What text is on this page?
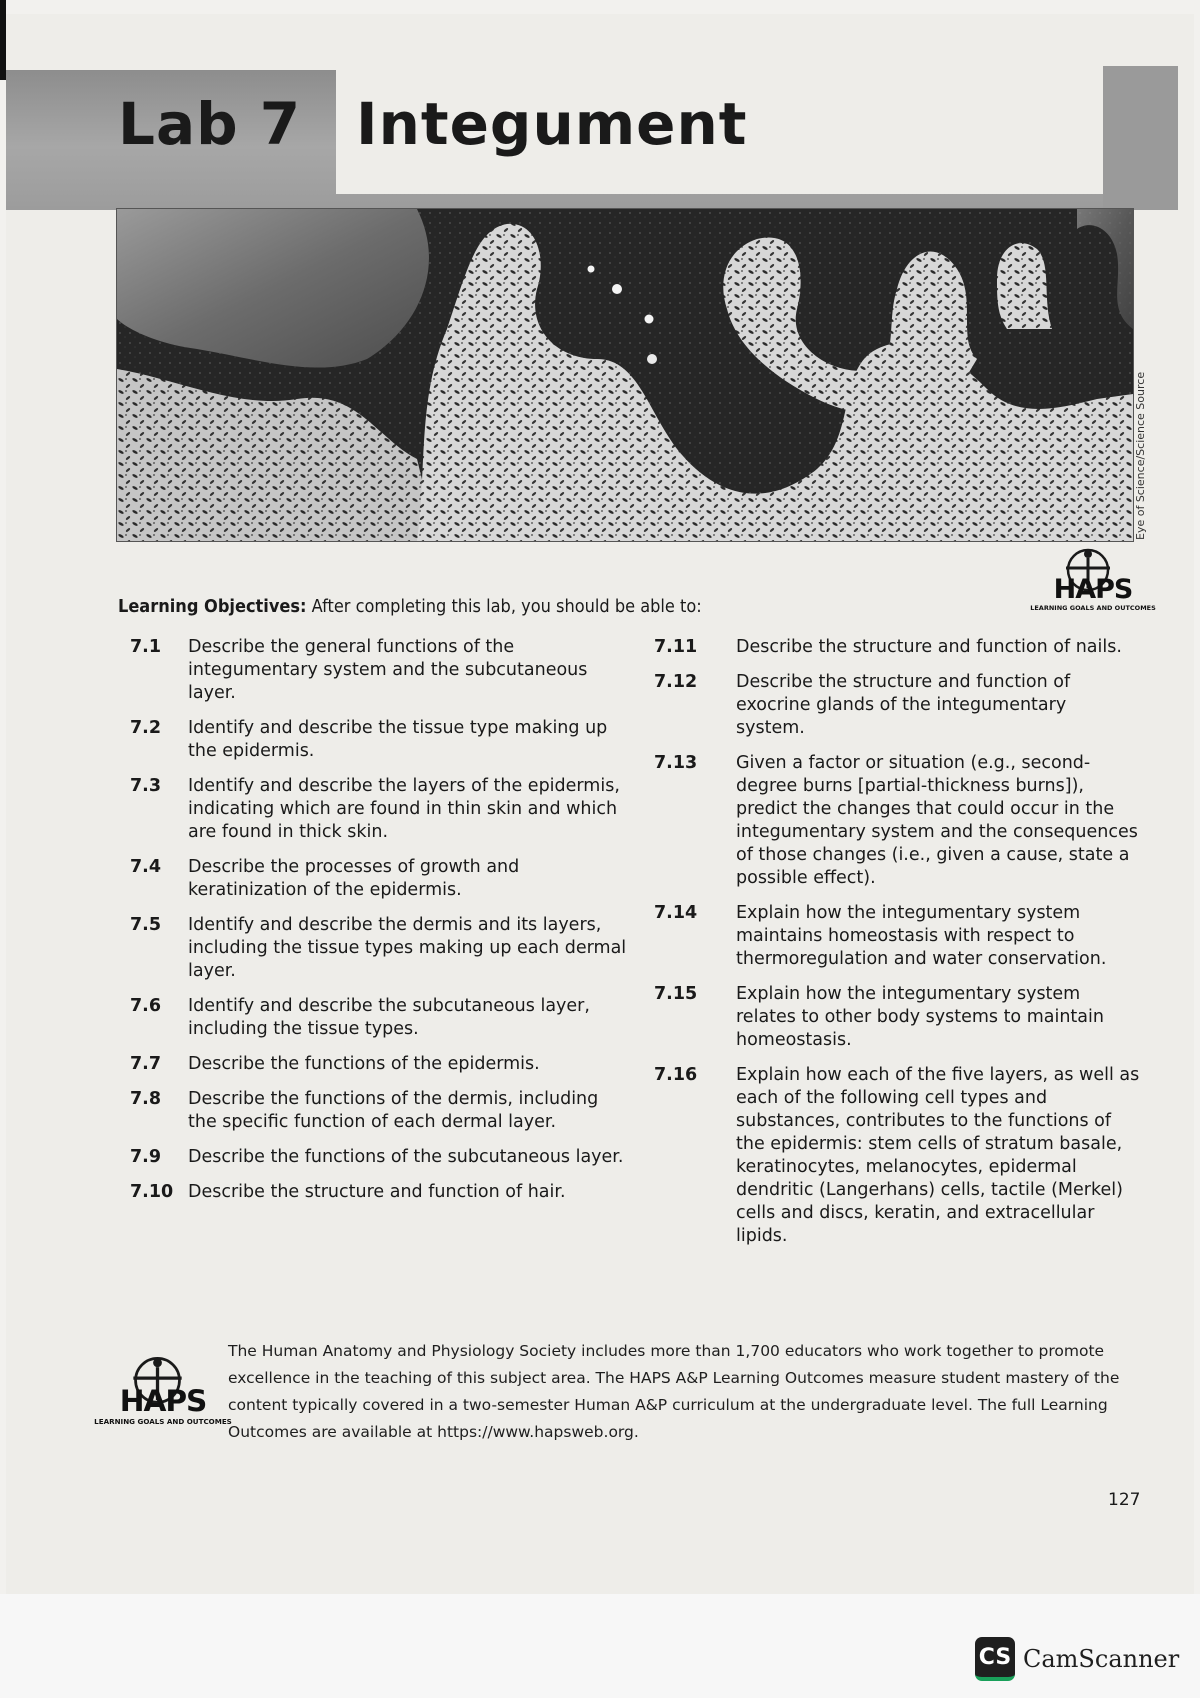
Lab 7 Integument
Eye of Science/Science Source
HAPS
LEARNING GOALS AND OUTCOMES
Learning Objectives: After completing this lab, you should be able to:
7.1	Describe the general functions of the integumentary system and the subcutaneous layer.
7.2	Identify and describe the tissue type making up the epidermis.
7.3	Identify and describe the layers of the epidermis, indicating which are found in thin skin and which are found in thick skin.
7.4	Describe the processes of growth and keratinization of the epidermis.
7.5	Identify and describe the dermis and its layers, including the tissue types making up each dermal layer.
7.6	Identify and describe the subcutaneous layer, including the tissue types.
7.7	Describe the functions of the epidermis.
7.8	Describe the functions of the dermis, including the specific function of each dermal layer.
7.9	Describe the functions of the subcutaneous layer.
7.10 Describe the structure and function of hair.
7.11	Describe the structure and function of nails.
7.12	Describe the structure and function of exocrine glands of the integumentary system.
7.13	Given a factor or situation (e.g., second-degree burns [partial-thickness burns]), predict the changes that could occur in the integumentary system and the consequences of those changes (i.e., given a cause, state a possible effect).
7.14	Explain how the integumentary system maintains homeostasis with respect to thermoregulation and water conservation.
7.15	Explain how the integumentary system relates to other body systems to maintain homeostasis.
7.16	Explain how each of the five layers, as well as each of the following cell types and substances, contributes to the functions of the epidermis: stem cells of stratum basale, keratinocytes, melanocytes, epidermal dendritic (Langerhans) cells, tactile (Merkel) cells and discs, keratin, and extracellular lipids.
HAPS
LEARNING GOALS AND OUTCOMES
The Human Anatomy and Physiology Society includes more than 1,700 educators who work together to promote excellence in the teaching of this subject area. The HAPS A&P Learning Outcomes measure student mastery of the content typically covered in a two-semester Human A&P curriculum at the undergraduate level. The full Learning Outcomes are available at https://www.hapsweb.org.
127
CS CamScanner
